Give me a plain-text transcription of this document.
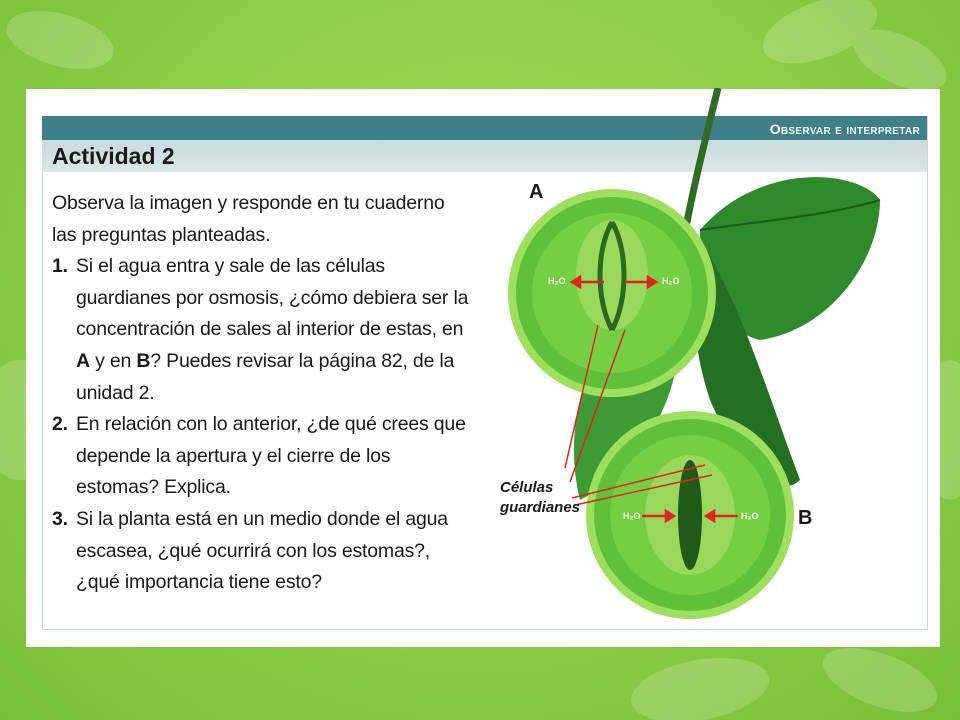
Observar e interpretar
Actividad 2

Observa la imagen y responde en tu cuaderno las preguntas planteadas.

1. Si el agua entra y sale de las células guardianes por osmosis, ¿cómo debiera ser la concentración de sales al interior de estas, en A y en B? Puedes revisar la página 82, de la unidad 2.
2. En relación con lo anterior, ¿de qué crees que depende la apertura y el cierre de los estomas? Explica.
3. Si la planta está en un medio donde el agua escasea, ¿qué ocurrirá con los estomas?, ¿qué importancia tiene esto?
H₂O	H₂O
H₂O	H₂O
A
B
Células guardianes
